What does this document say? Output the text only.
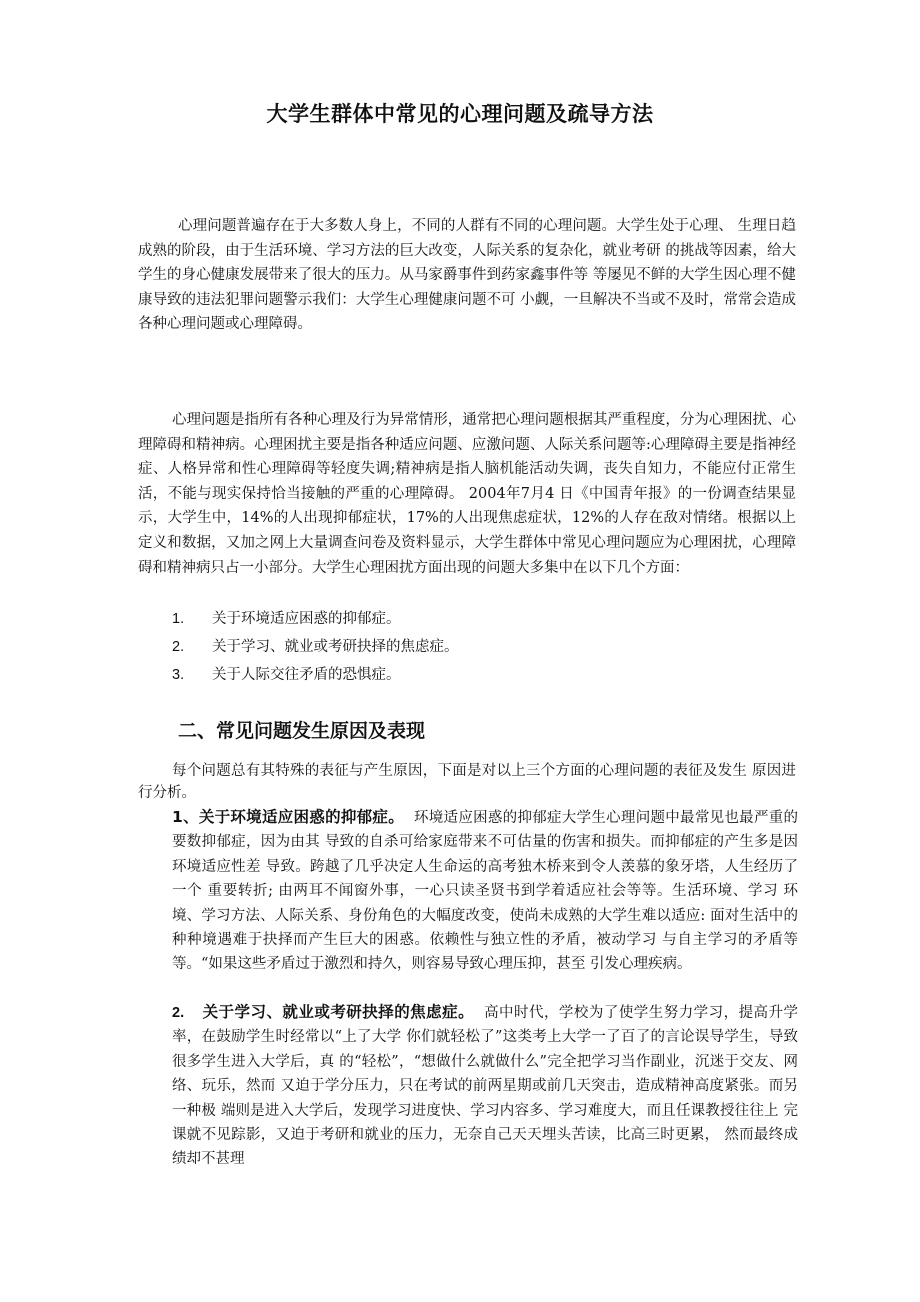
大学生群体中常见的心理问题及疏导方法
心理问题普遍存在于大多数人身上，不同的人群有不同的心理问题。大学生处于心理、 生理日趋成熟的阶段，由于生活环境、学习方法的巨大改变，人际关系的复杂化，就业考研 的挑战等因素，给大学生的身心健康发展带来了很大的压力。从马家爵事件到药家鑫事件等 等屡见不鲜的大学生因心理不健康导致的违法犯罪问题警示我们：大学生心理健康问题不可 小觑，一旦解决不当或不及时，常常会造成各种心理问题或心理障碍。
心理问题是指所有各种心理及行为异常情形，通常把心理问题根据其严重程度，分为心理困扰、心理障碍和精神病。心理困扰主要是指各种适应问题、应激问题、人际关系问题等:心理障碍主要是指神经症、人格异常和性心理障碍等轻度失调;精神病是指人脑机能活动失调，丧失自知力，不能应付正常生活，不能与现实保持恰当接触的严重的心理障碍。 2004年7月4 日《中国青年报》的一份调查结果显示，大学生中，14%的人出现抑郁症状，17%的人出现焦虑症状，12%的人存在敌对情绪。根据以上定义和数据，又加之网上大量调查问卷及资料显示，大学生群体中常见心理问题应为心理困扰，心理障碍和精神病只占一小部分。大学生心理困扰方面出现的问题大多集中在以下几个方面：
1.	关于环境适应困惑的抑郁症。
2.	关于学习、就业或考研抉择的焦虑症。
3.	关于人际交往矛盾的恐惧症。
二、常见问题发生原因及表现
每个问题总有其特殊的表征与产生原因，下面是对以上三个方面的心理问题的表征及发生 原因进行分析。
1、关于环境适应困惑的抑郁症。 环境适应困惑的抑郁症大学生心理问题中最常见也最严重的要数抑郁症，因为由其 导致的自杀可给家庭带来不可估量的伤害和损失。而抑郁症的产生多是因环境适应性差 导致。跨越了几乎决定人生命运的高考独木桥来到令人羡慕的象牙塔，人生经历了一个 重要转折; 由两耳不闻窗外事，一心只读圣贤书到学着适应社会等等。生活环境、学习 环境、学习方法、人际关系、身份角色的大幅度改变，使尚未成熟的大学生难以适应: 面对生活中的种种境遇难于抉择而产生巨大的困惑。依赖性与独立性的矛盾，被动学习 与自主学习的矛盾等等。“如果这些矛盾过于激烈和持久，则容易导致心理压抑，甚至 引发心理疾病。
2. 关于学习、就业或考研抉择的焦虑症。 高中时代，学校为了使学生努力学习，提高升学率，在鼓励学生时经常以“上了大学 你们就轻松了”这类考上大学一了百了的言论误导学生，导致很多学生进入大学后，真 的“轻松”，“想做什么就做什么”完全把学习当作副业，沉迷于交友、网络、玩乐，然而 又迫于学分压力，只在考试的前两星期或前几天突击，造成精神高度紧张。而另一种极 端则是进入大学后，发现学习进度快、学习内容多、学习难度大，而且任课教授往往上 完课就不见踪影，又迫于考研和就业的压力，无奈自己天天埋头苦读，比高三时更累， 然而最终成绩却不甚理
